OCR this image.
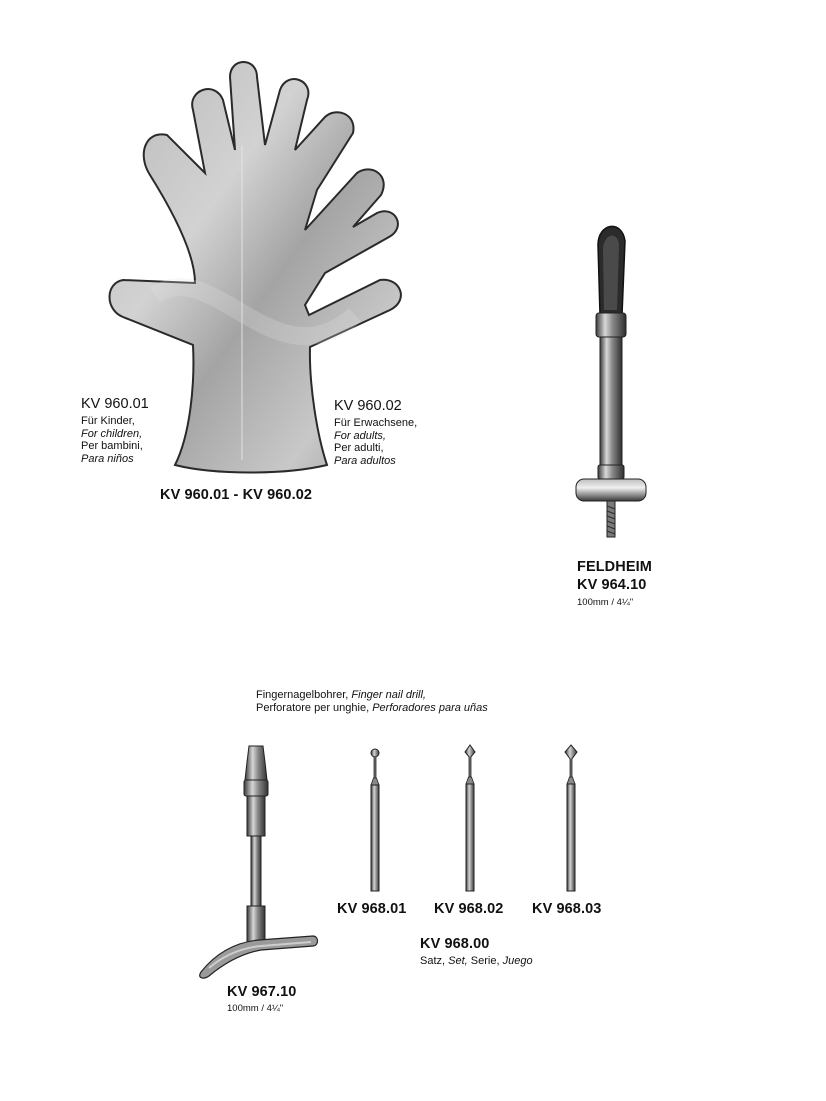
KV 960.01
Für Kinder,
For children,
Per bambini,
Para niños
KV 960.02
Für Erwachsene,
For adults,
Per adulti,
Para adultos
KV 960.01 - KV 960.02
FELDHEIM
KV 964.10
100mm / 4¼"
Fingernagelbohrer, Finger nail drill,
Perforatore per unghie, Perforadores para uñas
KV 968.01 KV 968.02 KV 968.03
KV 968.00
Satz, Set, Serie, Juego
KV 967.10
100mm / 4¼"
